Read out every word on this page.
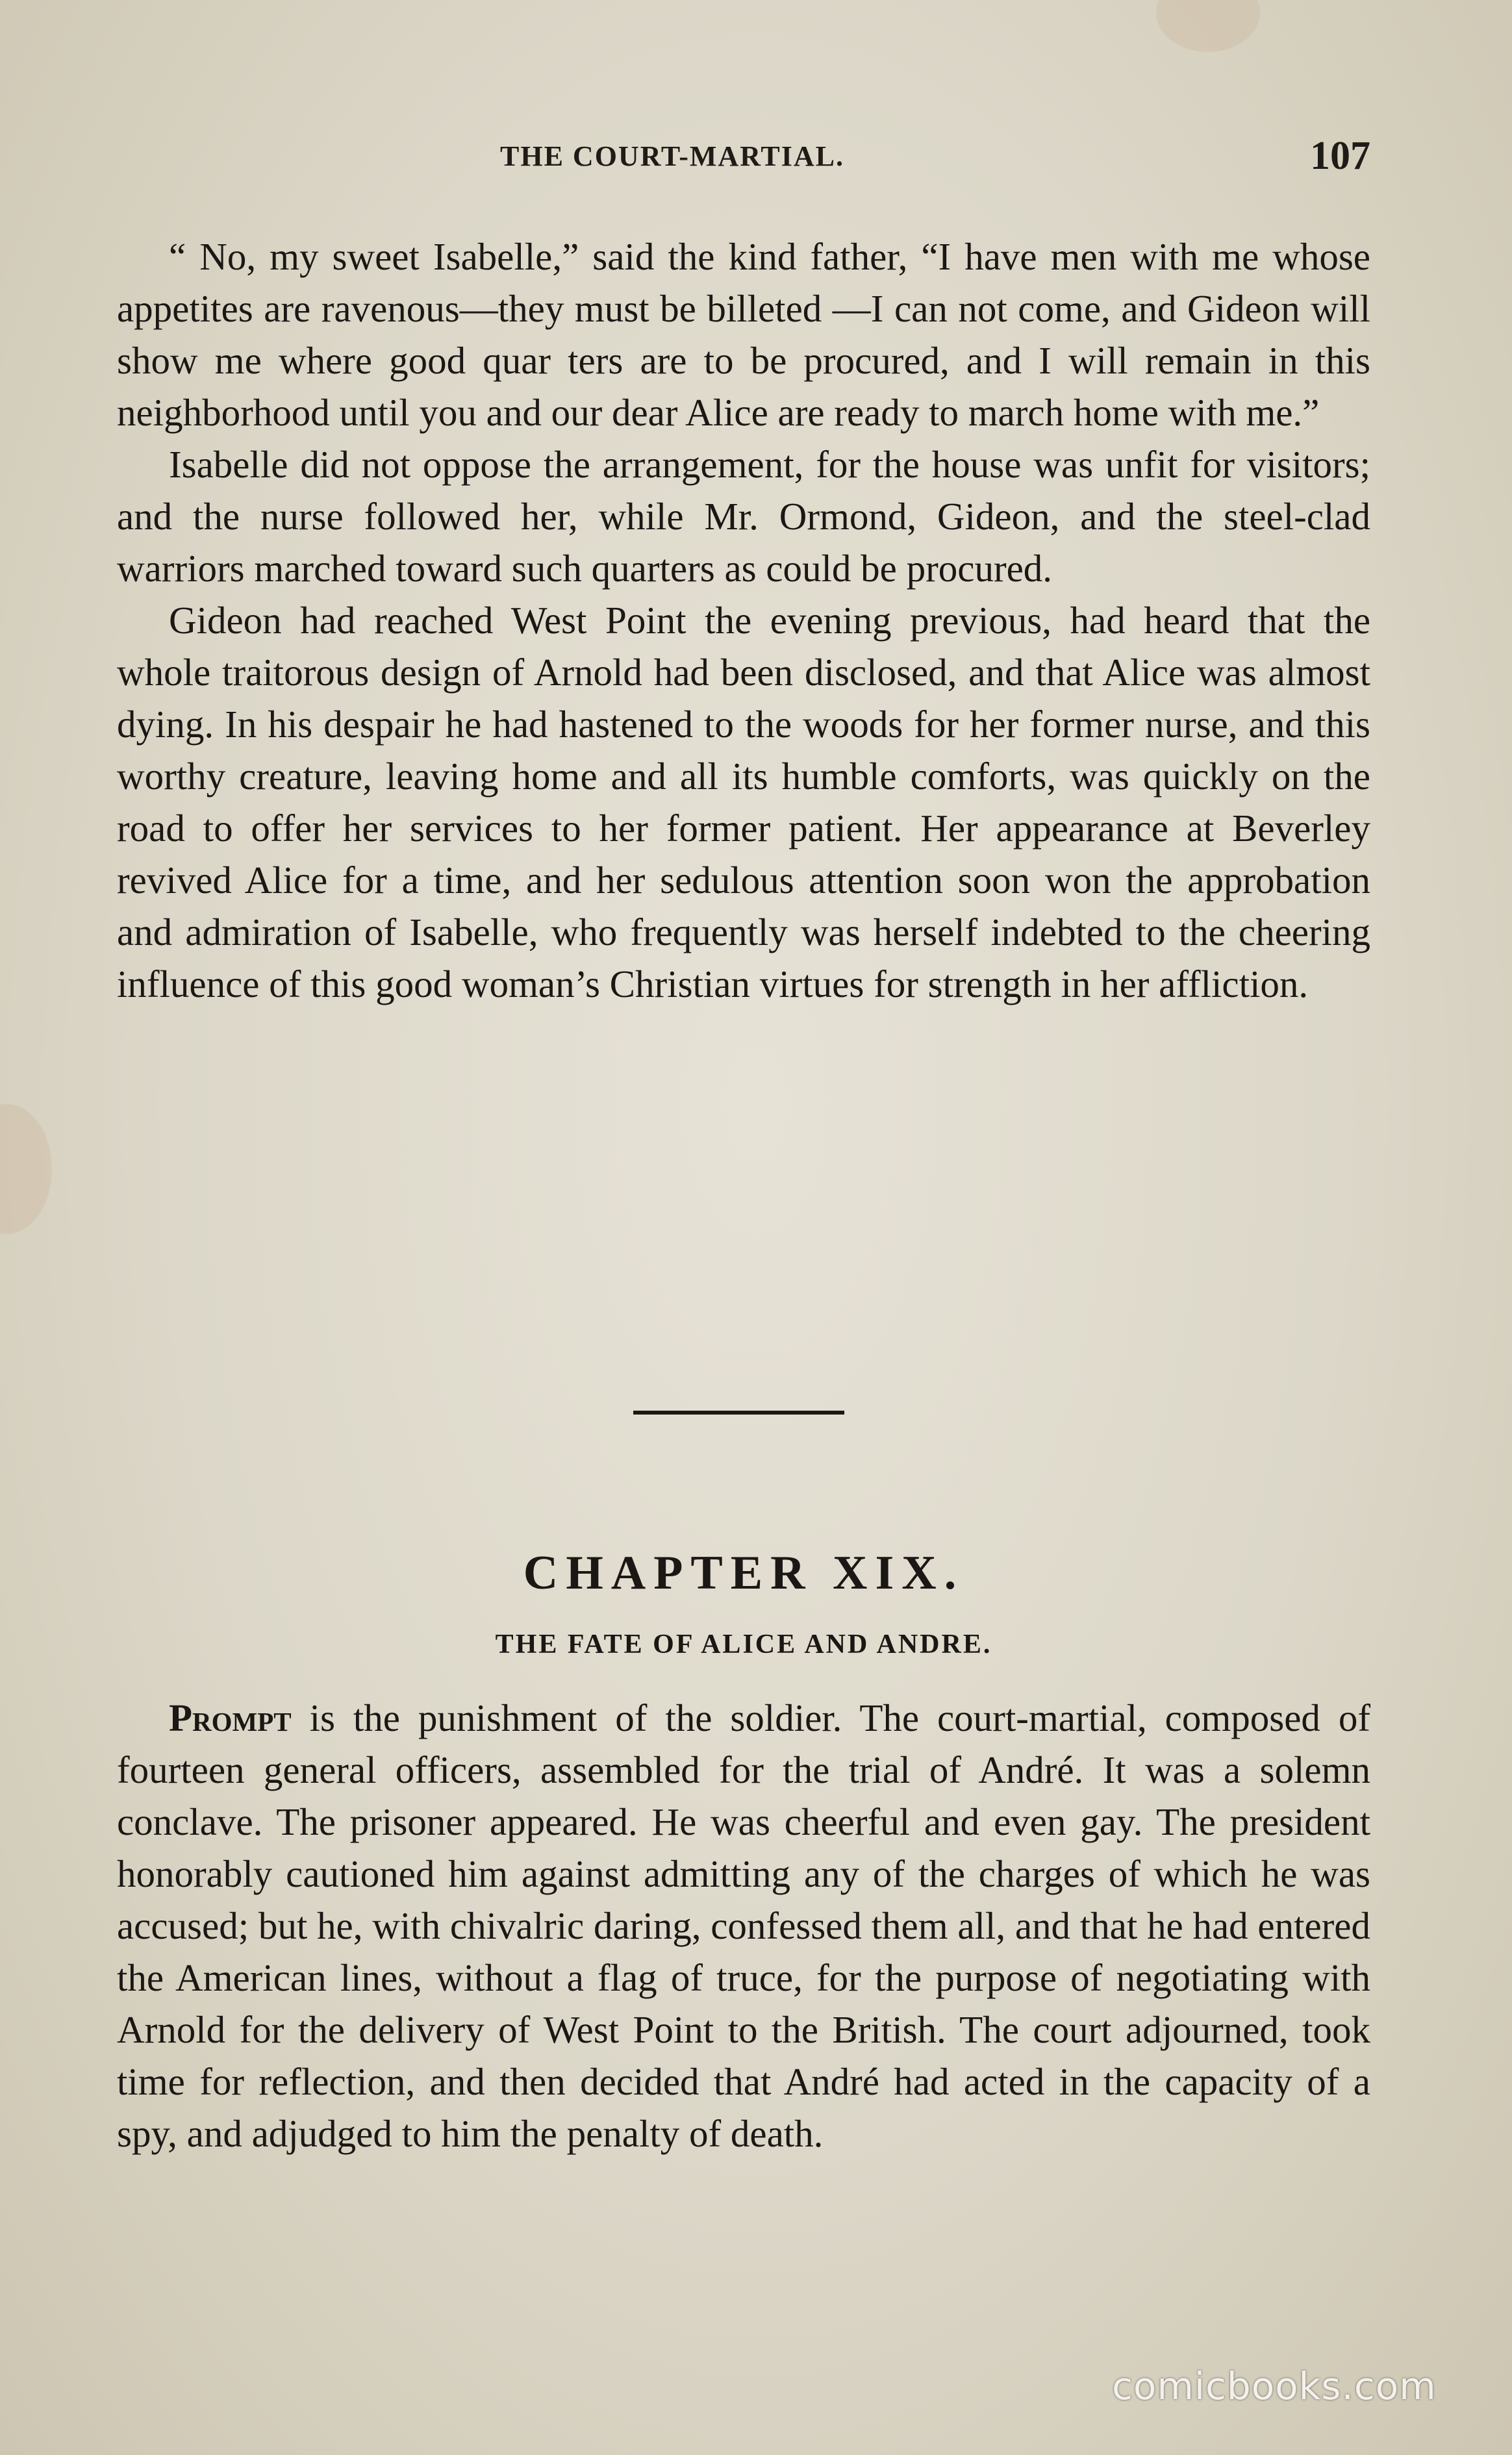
THE COURT-MARTIAL.	107

“ No, my sweet Isabelle,” said the kind father, “I have men with me whose appetites are ravenous—they must be billeted —I can not come, and Gideon will show me where good quar ters are to be procured, and I will remain in this neighborhood until you and our dear Alice are ready to march home with me.”

Isabelle did not oppose the arrangement, for the house was unfit for visitors; and the nurse followed her, while Mr. Ormond, Gideon, and the steel-clad warriors marched toward such quarters as could be procured.

Gideon had reached West Point the evening previous, had heard that the whole traitorous design of Arnold had been disclosed, and that Alice was almost dying. In his despair he had hastened to the woods for her former nurse, and this worthy creature, leaving home and all its humble comforts, was quickly on the road to offer her services to her former patient. Her appearance at Beverley revived Alice for a time, and her sedulous attention soon won the approbation and admiration of Isabelle, who frequently was herself indebted to the cheering influence of this good woman’s Christian virtues for strength in her affliction.

CHAPTER XIX.
THE FATE OF ALICE AND ANDRE.

Prompt is the punishment of the soldier. The court-martial, composed of fourteen general officers, assembled for the trial of André. It was a solemn conclave. The prisoner appeared. He was cheerful and even gay. The president honorably cautioned him against admitting any of the charges of which he was accused; but he, with chivalric daring, confessed them all, and that he had entered the American lines, without a flag of truce, for the purpose of negotiating with Arnold for the delivery of West Point to the British. The court adjourned, took time for reflection, and then decided that André had acted in the capacity of a spy, and adjudged to him the penalty of death.

comicbooks.com
